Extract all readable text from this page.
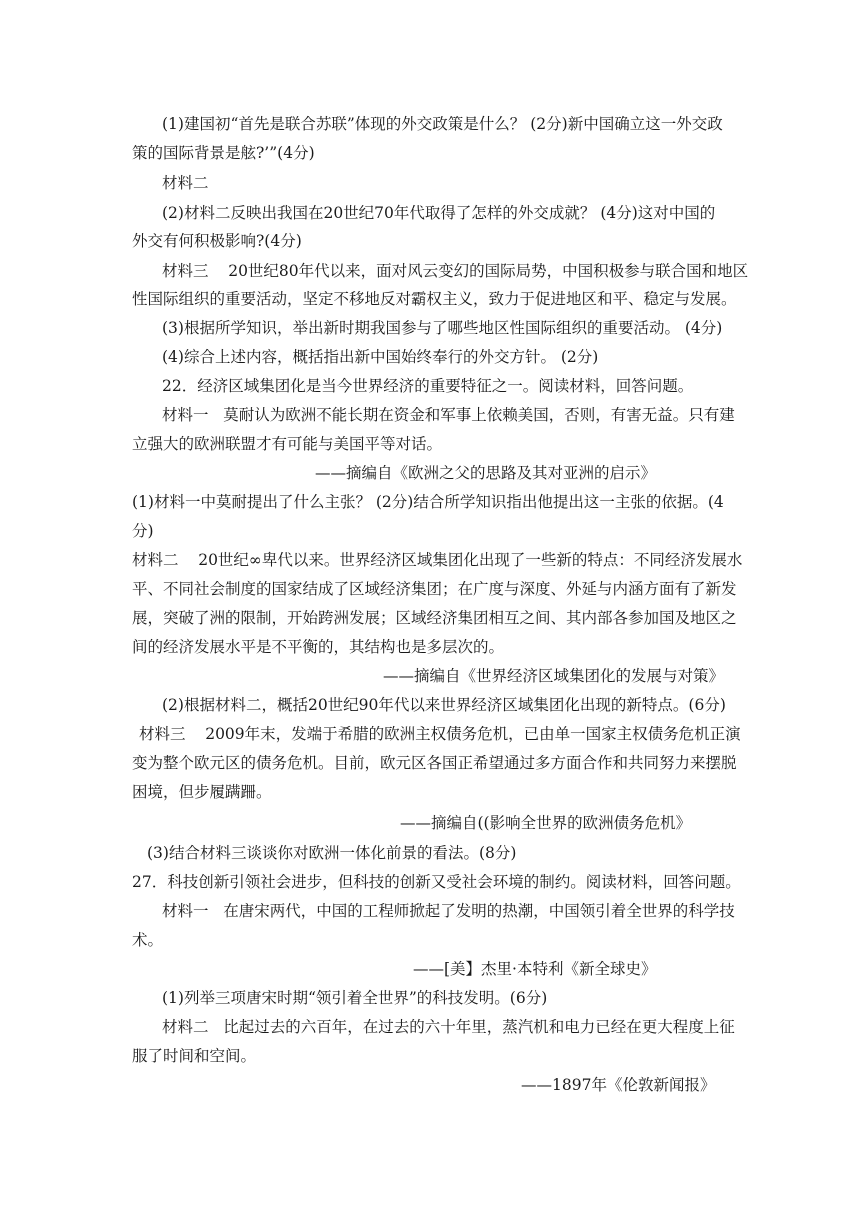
(1)建国初“首先是联合苏联”体现的外交政策是什么？ (2分)新中国确立这一外交政
策的国际背景是舷?’”(4分)
材料二
(2)材料二反映出我国在20世纪70年代取得了怎样的外交成就？ (4分)这对中国的
外交有何积极影响?(4分)
材料三    20世纪80年代以来，面对风云变幻的国际局势，中国积极参与联合国和地区
性国际组织的重要活动，坚定不移地反对霸权主义，致力于促进地区和平、稳定与发展。
(3)根据所学知识，举出新时期我国参与了哪些地区性国际组织的重要活动。 (4分)
(4)综合上述内容，概括指出新中国始终奉行的外交方针。 (2分)
22．经济区域集团化是当今世界经济的重要特征之一。阅读材料，回答问题。
材料一   莫耐认为欧洲不能长期在资金和军事上依赖美国，否则，有害无益。只有建
立强大的欧洲联盟才有可能与美国平等对话。
——摘编自《欧洲之父的思路及其对亚洲的启示》
(1)材料一中莫耐提出了什么主张？ (2分)结合所学知识指出他提出这一主张的依据。(4
分)
材料二    20世纪∞卑代以来。世界经济区域集团化出现了一些新的特点：不同经济发展水
平、不同社会制度的国家结成了区域经济集团；在广度与深度、外延与内涵方面有了新发
展，突破了洲的限制，开始跨洲发展；区域经济集团相互之间、其内部各参加国及地区之
间的经济发展水平是不平衡的，其结构也是多层次的。
——摘编自《世界经济区域集团化的发展与对策》
(2)根据材料二，概括20世纪90年代以来世界经济区域集团化出现的新特点。(6分)
材料三    2009年末，发端于希腊的欧洲主权债务危机，已由单一国家主权债务危机正演
变为整个欧元区的债务危机。目前，欧元区各国正希望通过多方面合作和共同努力来摆脱
困境，但步履蹒跚。
——摘编自((影响全世界的欧洲债务危机》
(3)结合材料三谈谈你对欧洲一体化前景的看法。(8分)
27．科技创新引领社会进步，但科技的创新又受社会环境的制约。阅读材料，回答问题。
材料一   在唐宋两代，中国的工程师掀起了发明的热潮，中国领引着全世界的科学技
术。
——[美】杰里·本特利《新全球史》
(1)列举三项唐宋时期“领引着全世界”的科技发明。(6分)
材料二   比起过去的六百年，在过去的六十年里，蒸汽机和电力已经在更大程度上征
服了时间和空间。
——1897年《伦敦新闻报》
